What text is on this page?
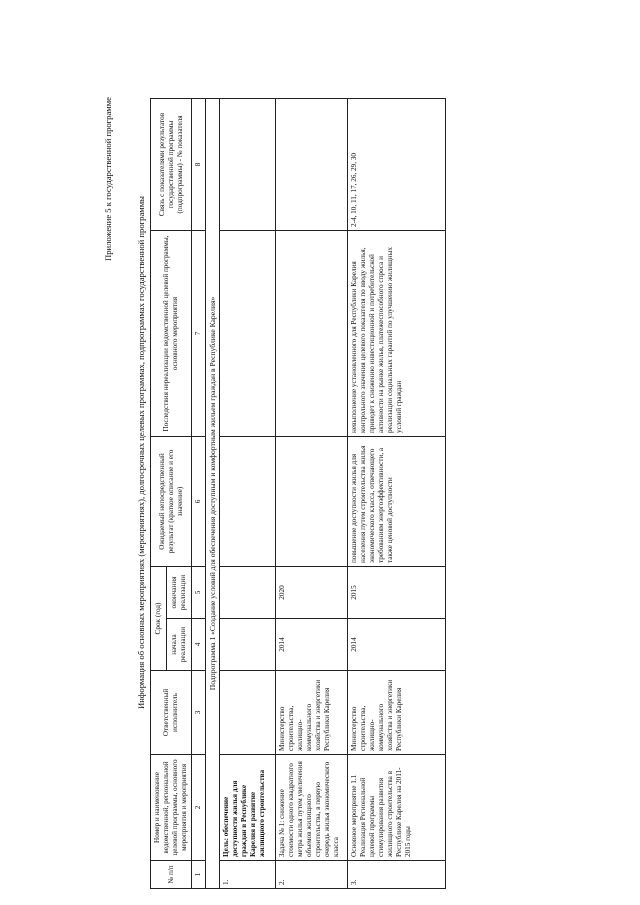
Приложение 5 к государственной программе
Информация об основных мероприятиях (мероприятиях), долгосрочных целевых программах, подпрограммах государственной программы
№ п/п	Номер и наименование ведомственной, региональной целевой программы, основного мероприятия и мероприятия	Ответственный исполнитель	Срок (год)		Ожидаемый непосредственный результат (краткое описание и его значение)	Последствия нереализации ведомственной целевой программы, основного мероприятия	Связь с показателями результатов государственной программы (подпрограммы) - № показателя
			начала реализации	окончания реализации			
1	2	3	4	5	6	7	8
Подпрограмма 1 «Создание условий для обеспечения доступным и комфортным жильем граждан в Республике Карелия»							
1.	Цель: обеспечение доступности жилья для граждан в Республике Карелия и развитие жилищного строительства						
2.	Задача № 1: снижение стоимости одного квадратного метра жилья путем увеличения объемов жилищного строительства, в первую очередь жилья экономического класса	Министерство строительства, жилищно-коммунального хозяйства и энергетики Республики Карелия	2014	2020			
3.	Основное мероприятие 1.1 Реализация Региональной целевой программы стимулирования развития жилищного строительства в Республике Карелия на 2011-2015 годы	Министерство строительства, жилищно-коммунального хозяйства и энергетики Республики Карелия	2014	2015	повышение доступности жилья для населения путем строительства жилья экономического класса, отвечающего требованиям энергоэффективности, а также ценовой доступности	невыполнение установленного для Республики Карелия контрольного значения целевого показателя по вводу жилья, приведет к снижению инвестиционной и потребительской активности на рынке жилья, платежеспособного спроса и реализации социальных гарантий по улучшению жилищных условий граждан	2-4, 10, 11, 17, 26, 29, 30
